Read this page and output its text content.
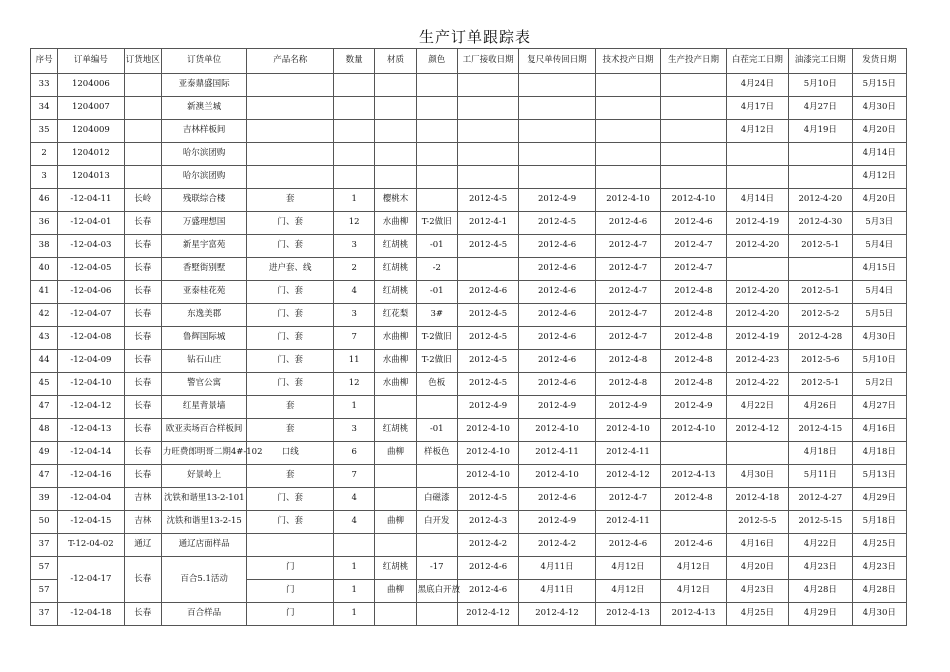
生产订单跟踪表
序号	订单编号	订货地区	订货单位	产品名称	数量	材质	颜色	工厂接收日期	复尺单传回日期	技术投产日期	生产投产日期	白茬完工日期	油漆完工日期	发货日期
33	1204006		亚泰鼎盛国际									4月24日	5月10日	5月15日
34	1204007		新澳兰城									4月17日	4月27日	4月30日
35	1204009		吉林样板间									4月12日	4月19日	4月20日
2	1204012		哈尔滨团购											4月14日
3	1204013		哈尔滨团购											4月12日
46	-12-04-11	长岭	残联综合楼	套	1	樱桃木		2012-4-5	2012-4-9	2012-4-10	2012-4-10	4月14日	2012-4-20	4月20日
36	-12-04-01	长春	万盛理想国	门、套	12	水曲柳	T-2做旧	2012-4-1	2012-4-5	2012-4-6	2012-4-6	2012-4-19	2012-4-30	5月3日
38	-12-04-03	长春	新星宇富苑	门、套	3	红胡桃	-01	2012-4-5	2012-4-6	2012-4-7	2012-4-7	2012-4-20	2012-5-1	5月4日
40	-12-04-05	长春	香墅街别墅	进户套、线	2	红胡桃	-2		2012-4-6	2012-4-7	2012-4-7			4月15日
41	-12-04-06	长春	亚泰桂花苑	门、套	4	红胡桃	-01	2012-4-6	2012-4-6	2012-4-7	2012-4-8	2012-4-20	2012-5-1	5月4日
42	-12-04-07	长春	东逸美郡	门、套	3	红花梨	3#	2012-4-5	2012-4-6	2012-4-7	2012-4-8	2012-4-20	2012-5-2	5月5日
43	-12-04-08	长春	鲁辉国际城	门、套	7	水曲柳	T-2做旧	2012-4-5	2012-4-6	2012-4-7	2012-4-8	2012-4-19	2012-4-28	4月30日
44	-12-04-09	长春	钻石山庄	门、套	11	水曲柳	T-2做旧	2012-4-5	2012-4-6	2012-4-8	2012-4-8	2012-4-23	2012-5-6	5月10日
45	-12-04-10	长春	警官公寓	门、套	12	水曲柳	色板	2012-4-5	2012-4-6	2012-4-8	2012-4-8	2012-4-22	2012-5-1	5月2日
47	-12-04-12	长春	红星背景墙	套	1			2012-4-9	2012-4-9	2012-4-9	2012-4-9	4月22日	4月26日	4月27日
48	-12-04-13	长春	欧亚卖场百合样板间	套	3	红胡桃	-01	2012-4-10	2012-4-10	2012-4-10	2012-4-10	2012-4-12	2012-4-15	4月16日
49	-12-04-14	长春	力旺费郎明哥二期4#-102	口线	6	曲柳	样板色	2012-4-10	2012-4-11	2012-4-11			4月18日	4月18日
47	-12-04-16	长春	好景岭上	套	7			2012-4-10	2012-4-10	2012-4-12	2012-4-13	4月30日	5月11日	5月13日
39	-12-04-04	吉林	沈铁和谐里13-2-101	门、套	4		白磁漆	2012-4-5	2012-4-6	2012-4-7	2012-4-8	2012-4-18	2012-4-27	4月29日
50	-12-04-15	吉林	沈铁和谐里13-2-15	门、套	4	曲柳	白开发	2012-4-3	2012-4-9	2012-4-11		2012-5-5	2012-5-15	5月18日
37	T-12-04-02	通辽	通辽店面样品					2012-4-2	2012-4-2	2012-4-6	2012-4-6	4月16日	4月22日	4月25日
57	-12-04-17	长春	百合5.1活动	门	1	红胡桃	-17	2012-4-6	4月11日	4月12日	4月12日	4月20日	4月23日	4月23日
57				门	1	曲柳	黑底白开放	2012-4-6	4月11日	4月12日	4月12日	4月23日	4月28日	4月28日
37	-12-04-18	长春	百合样品	门	1			2012-4-12	2012-4-12	2012-4-13	2012-4-13	4月25日	4月29日	4月30日
